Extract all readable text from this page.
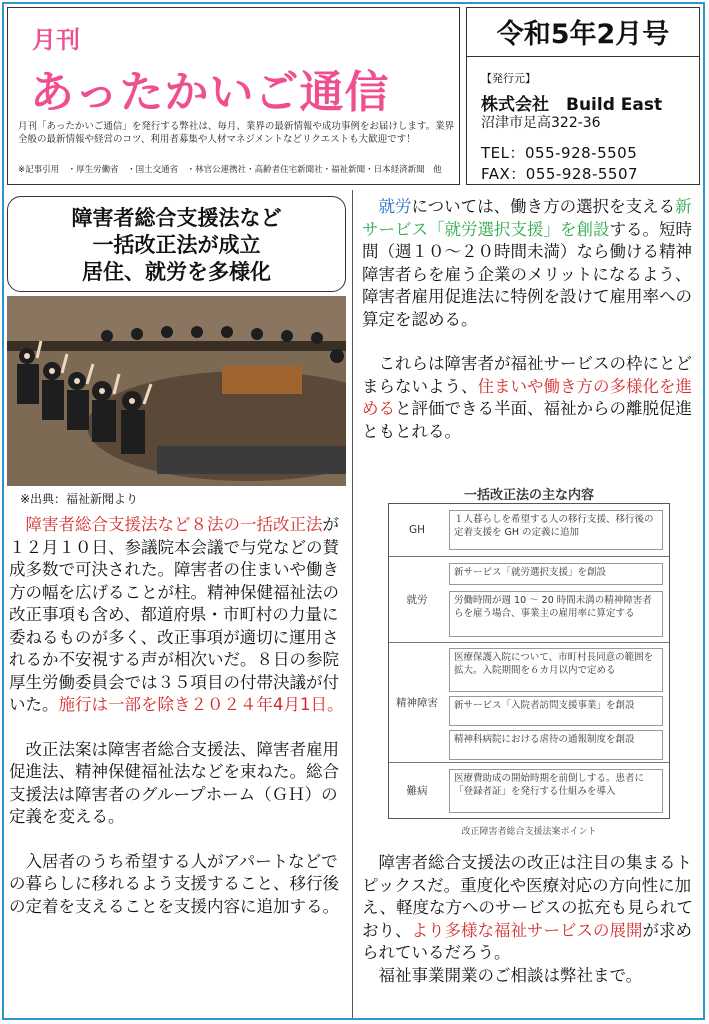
月刊
あったかいご通信
月刊「あったかいご通信」を発行する弊社は、毎月、業界の最新情報や成功事例をお届けします。業界全般の最新情報や経営のコツ、利用者募集や人材マネジメントなどリクエストも大歓迎です！
※記事引用　・厚生労働省　・国土交通省　・林官公連携社・高齢者住宅新聞社・福祉新聞・日本経済新聞　他
令和5年2月号
【発行元】
株式会社　Build East
沼津市足高322-36
TEL：055-928-5505
FAX：055-928-5507
障害者総合支援法など
一括改正法が成立
居住、就労を多様化
※出典：福祉新聞より

障害者総合支援法など８法の一括改正法が１２月１０日、参議院本会議で与党などの賛成多数で可決された。障害者の住まいや働き方の幅を広げることが柱。精神保健福祉法の改正事項も含め、都道府県・市町村の力量に委ねるものが多く、改正事項が適切に運用されるか不安視する声が相次いだ。８日の参院厚生労働委員会では３５項目の付帯決議が付いた。施行は一部を除き２０２４年4月1日。

改正法案は障害者総合支援法、障害者雇用促進法、精神保健福祉法などを束ねた。総合支援法は障害者のグループホーム（ＧＨ）の定義を変える。

入居者のうち希望する人がアパートなどでの暮らしに移れるよう支援すること、移行後の定着を支えることを支援内容に追加する。

就労については、働き方の選択を支える新サービス「就労選択支援」を創設する。短時間（週１０～２０時間未満）なら働ける精神障害者らを雇う企業のメリットになるよう、障害者雇用促進法に特例を設けて雇用率への算定を認める。

これらは障害者が福祉サービスの枠にとどまらないよう、住まいや働き方の多様化を進めると評価できる半面、福祉からの離脱促進ともとれる。

一括改正法の主な内容
GH
１人暮らしを希望する人の移行支援、移行後の定着支援を GH の定義に追加
就労
新サービス「就労選択支援」を創設
労働時間が週 10 ～ 20 時間未満の精神障害者らを雇う場合、事業主の雇用率に算定する
精神障害
医療保護入院について、市町村長同意の範囲を拡大。入院期間を６カ月以内で定める
新サービス「入院者訪問支援事業」を創設
精神科病院における虐待の通報制度を創設
難病
医療費助成の開始時期を前倒しする。患者に「登録者証」を発行する仕組みを導入
改正障害者総合支援法案ポイント

障害者総合支援法の改正は注目の集まるトピックスだ。重度化や医療対応の方向性に加え、軽度な方へのサービスの拡充も見られており、より多様な福祉サービスの展開が求められているだろう。

福祉事業開業のご相談は弊社まで。
